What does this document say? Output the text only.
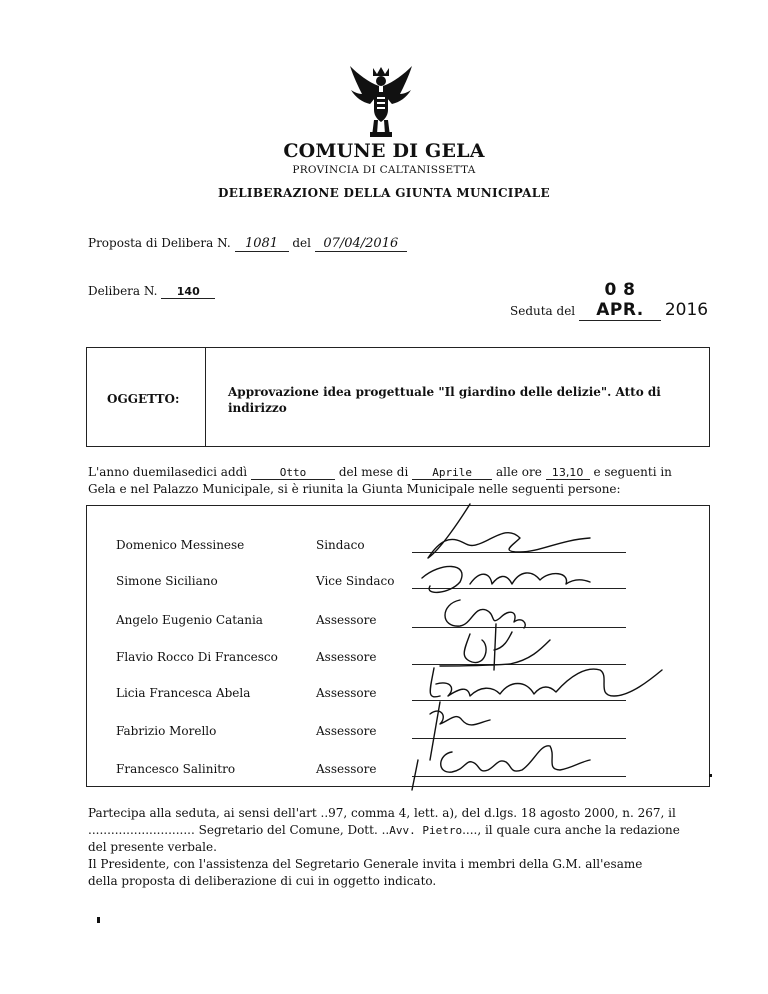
COMUNE DI GELA
PROVINCIA DI CALTANISSETTA
DELIBERAZIONE DELLA GIUNTA MUNICIPALE
Proposta di Delibera N. 1081 del 07/04/2016
Delibera N. 140
Seduta del 0 8 APR. 2016
OGGETTO:	Approvazione idea progettuale "Il giardino delle delizie". Atto di
indirizzo
L'anno duemilasedici addì	Otto	del mese di Aprile alle ore 13,10 e seguenti in
Gela e nel Palazzo Municipale, si è riunita la Giunta Municipale nelle seguenti persone:
Domenico Messinese	Sindaco
Simone Siciliano	Vice Sindaco
Angelo Eugenio Catania	Assessore
Flavio Rocco Di Francesco	Assessore
Licia Francesca Abela	Assessore
Fabrizio Morello	Assessore
Francesco Salinitro	Assessore
Partecipa alla seduta, ai sensi dell'art ..97, comma 4, lett. a), del d.lgs. 18 agosto 2000, n. 267, il
............................ Segretario del Comune, Dott. ..Avv. Pietro...., il quale cura anche la redazione
del presente verbale.
Il Presidente, con l'assistenza del Segretario Generale invita i membri della G.M. all'esame
della proposta di deliberazione di cui in oggetto indicato.
